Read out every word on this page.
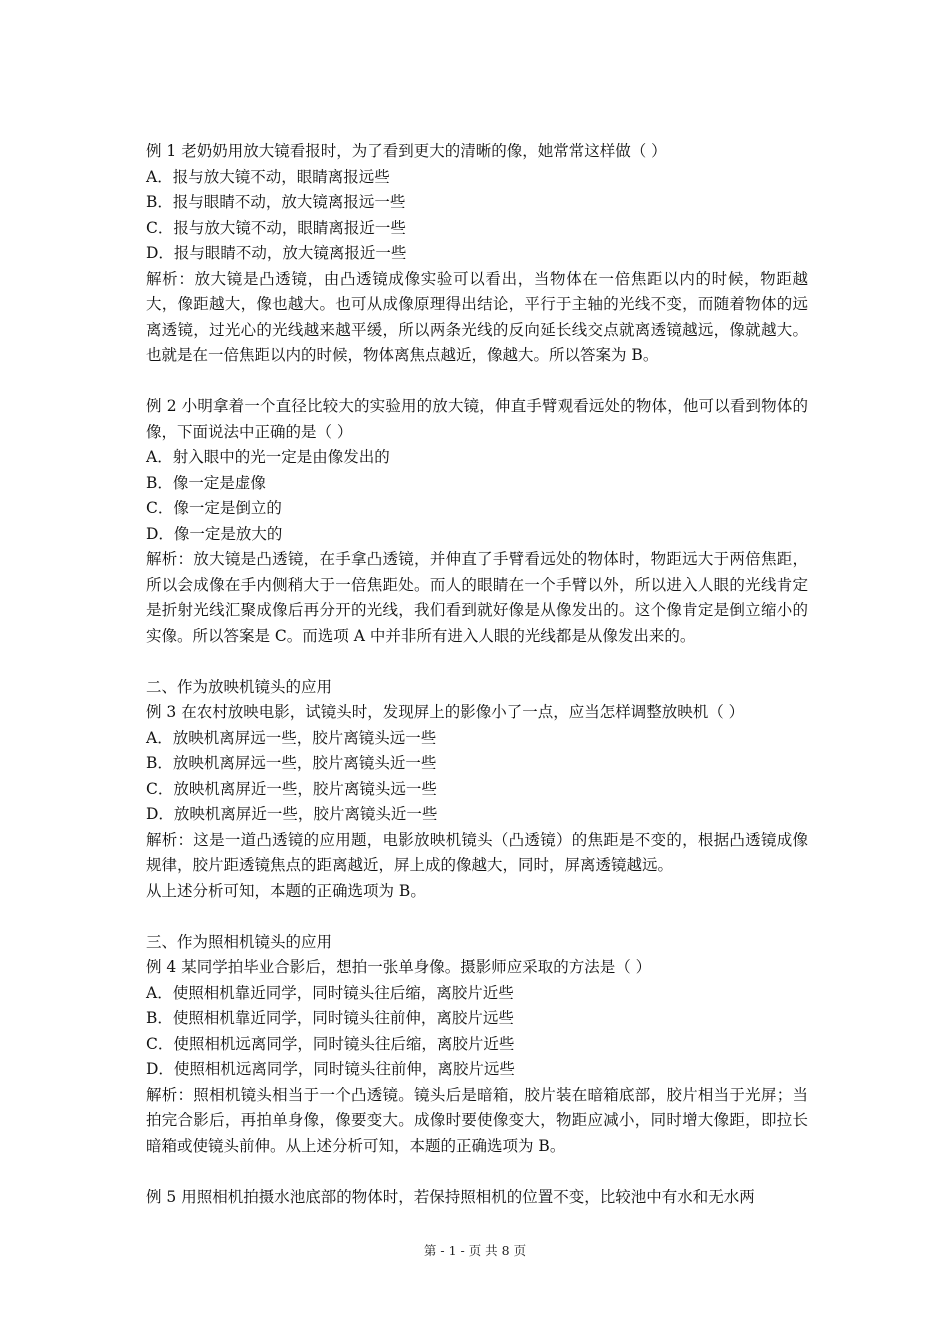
例 1 老奶奶用放大镜看报时，为了看到更大的清晰的像，她常常这样做（ ）
A．报与放大镜不动，眼睛离报远些
B．报与眼睛不动，放大镜离报远一些
C．报与放大镜不动，眼睛离报近一些
D．报与眼睛不动，放大镜离报近一些
解析：放大镜是凸透镜，由凸透镜成像实验可以看出，当物体在一倍焦距以内的时候，物距越大，像距越大，像也越大。也可从成像原理得出结论，平行于主轴的光线不变，而随着物体的远离透镜，过光心的光线越来越平缓，所以两条光线的反向延长线交点就离透镜越远，像就越大。也就是在一倍焦距以内的时候，物体离焦点越近，像越大。所以答案为 B。
例 2 小明拿着一个直径比较大的实验用的放大镜，伸直手臂观看远处的物体，他可以看到物体的像，下面说法中正确的是（ ）
A．射入眼中的光一定是由像发出的
B．像一定是虚像
C．像一定是倒立的
D．像一定是放大的
解析：放大镜是凸透镜，在手拿凸透镜，并伸直了手臂看远处的物体时，物距远大于两倍焦距，所以会成像在手内侧稍大于一倍焦距处。而人的眼睛在一个手臂以外，所以进入人眼的光线肯定是折射光线汇聚成像后再分开的光线，我们看到就好像是从像发出的。这个像肯定是倒立缩小的实像。所以答案是 C。而选项 A 中并非所有进入人眼的光线都是从像发出来的。
二、作为放映机镜头的应用
例 3 在农村放映电影，试镜头时，发现屏上的影像小了一点，应当怎样调整放映机（ ）
A．放映机离屏远一些，胶片离镜头远一些
B．放映机离屏远一些，胶片离镜头近一些
C．放映机离屏近一些，胶片离镜头远一些
D．放映机离屏近一些，胶片离镜头近一些
解析：这是一道凸透镜的应用题，电影放映机镜头（凸透镜）的焦距是不变的，根据凸透镜成像规律，胶片距透镜焦点的距离越近，屏上成的像越大，同时，屏离透镜越远。
从上述分析可知，本题的正确选项为 B。
三、作为照相机镜头的应用
例 4 某同学拍毕业合影后，想拍一张单身像。摄影师应采取的方法是（ ）
A．使照相机靠近同学，同时镜头往后缩，离胶片近些
B．使照相机靠近同学，同时镜头往前伸，离胶片远些
C．使照相机远离同学，同时镜头往后缩，离胶片近些
D．使照相机远离同学，同时镜头往前伸，离胶片远些
解析：照相机镜头相当于一个凸透镜。镜头后是暗箱，胶片装在暗箱底部，胶片相当于光屏；当拍完合影后，再拍单身像，像要变大。成像时要使像变大，物距应减小，同时增大像距，即拉长暗箱或使镜头前伸。从上述分析可知，本题的正确选项为 B。
例 5 用照相机拍摄水池底部的物体时，若保持照相机的位置不变，比较池中有水和无水两
第 - 1 - 页 共 8 页
